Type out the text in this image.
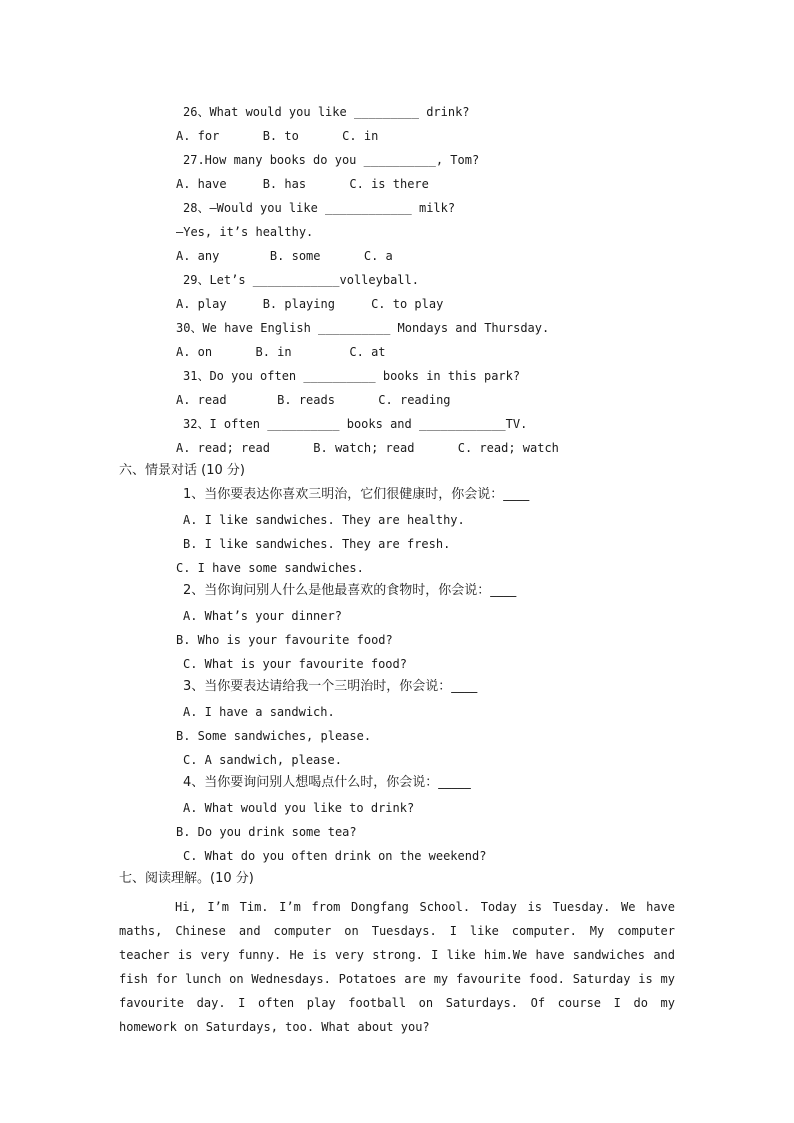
26、What would you like _________ drink?
A. for      B. to      C. in
27.How many books do you __________, Tom?
A. have     B. has      C. is there
28、—Would you like ____________ milk?
—Yes, it’s healthy.
A. any       B. some      C. a
29、Let’s ____________volleyball.
A. play     B. playing     C. to play
30、We have English __________ Mondays and Thursday.
A. on      B. in        C. at
31、Do you often __________ books in this park?
A. read       B. reads      C. reading
32、I often __________ books and ____________TV.
A. read; read      B. watch; read      C. read; watch
六、情景对话 (10 分)
1、当你要表达你喜欢三明治，它们很健康时，你会说：____
A. I like sandwiches. They are healthy.
B. I like sandwiches. They are fresh.
C. I have some sandwiches.
2、当你询问别人什么是他最喜欢的食物时，你会说：____
A. What’s your dinner?
B. Who is your favourite food?
C. What is your favourite food?
3、当你要表达请给我一个三明治时，你会说：____
A. I have a sandwich.
B. Some sandwiches, please.
C. A sandwich, please.
4、当你要询问别人想喝点什么时，你会说：_____
A. What would you like to drink?
B. Do you drink some tea?
C. What do you often drink on the weekend?
七、阅读理解。(10 分)

Hi, I’m Tim. I’m from Dongfang School. Today is Tuesday. We have maths, Chinese and computer on Tuesdays. I like computer. My computer teacher is very funny. He is very strong. I like him.We have sandwiches and fish for lunch on Wednesdays. Potatoes are my favourite food. Saturday is my favourite day. I often play football on Saturdays. Of course I do my homework on Saturdays, too. What about you?
